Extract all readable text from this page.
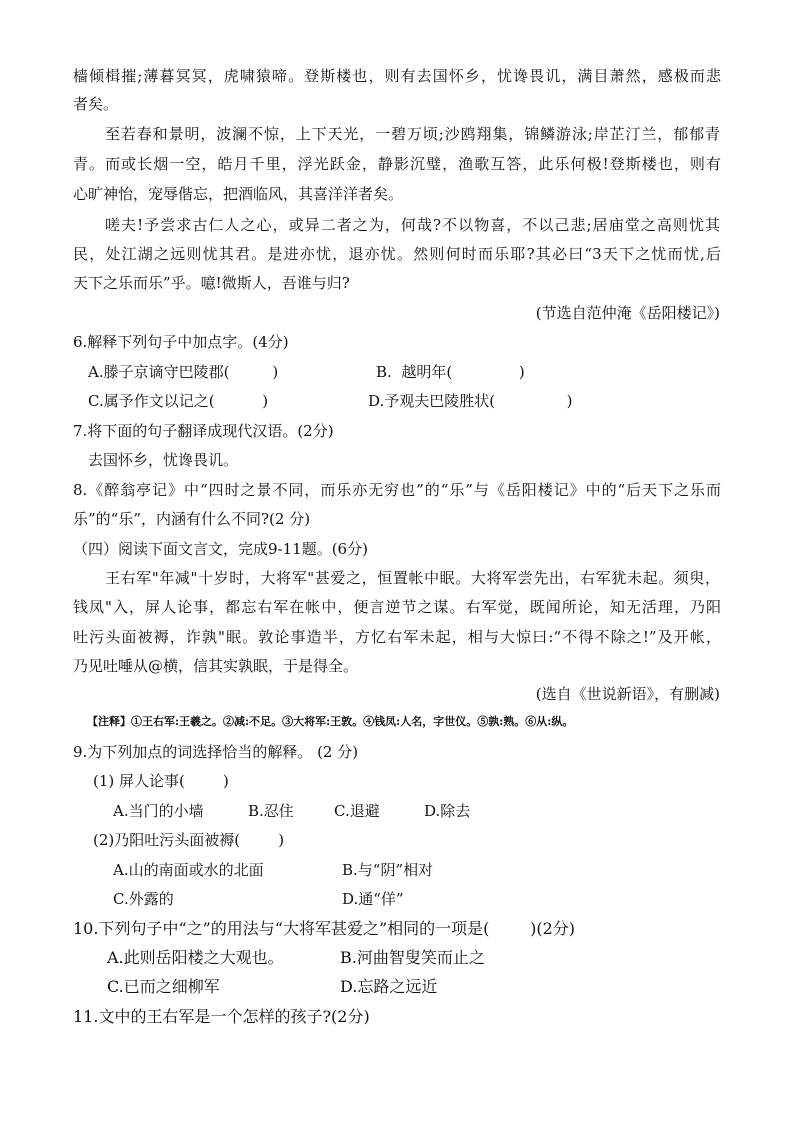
樯倾楫摧;薄暮冥冥，虎啸猿啼。登斯楼也，则有去国怀乡，忧谗畏讥，满目萧然，感极而悲
者矣。
至若春和景明，波澜不惊，上下天光，一碧万顷;沙鸥翔集，锦鳞游泳;岸芷汀兰，郁郁青
青。而或长烟一空，皓月千里，浮光跃金，静影沉璧，渔歌互答，此乐何极!登斯楼也，则有
心旷神怡，宠辱偕忘，把酒临风，其喜洋洋者矣。
嗟夫!予尝求古仁人之心，或异二者之为，何哉?不以物喜，不以己悲;居庙堂之高则忧其
民，处江湖之远则忧其君。是进亦忧，退亦忧。然则何时而乐耶?其必曰“3天下之忧而忧,后
天下之乐而乐”乎。噫!微斯人，吾谁与归?
(节选自范仲淹《岳阳楼记》)
6.解释下列句子中加点字。(4分)
A.滕子京谪守巴陵郡(         )	B.  越明年(              )
C.属予作文以记之(          )	D.予观夫巴陵胜状(               )
7.将下面的句子翻译成现代汉语。(2分)
去国怀乡，忧谗畏讥。
8.《醉翁亭记》中“四时之景不同，而乐亦无穷也”的“乐”与《岳阳楼记》中的“后天下之乐而
乐”的“乐”，内涵有什么不同?(2 分)
（四）阅读下面文言文，完成9-11题。(6分)
王右军"年减"十岁时，大将军"甚爱之，恒置帐中眠。大将军尝先出，右军犹未起。须臾，
钱凤"入，屏人论事，都忘右军在帐中，便言逆节之谋。右军觉，既闻所论，知无活理，乃阳
吐污头面被褥，诈孰"眠。敦论事造半，方忆右军未起，相与大惊曰:“不得不除之!”及开帐，
乃见吐唾从@横，信其实孰眠，于是得全。
(选自《世说新语》，有删减)
【注释】①王右军:王羲之。②减:不足。③大将军:王敦。④钱凤:人名，字世仪。⑤孰:熟。⑥从:纵。
9.为下列加点的词选择恰当的解释。 (2 分)
(1) 屏人论事(        )
A.当门的小墙	B.忍住	C.退避	D.除去
(2)乃阳吐污头面被褥(        )
A.山的南面或水的北面	B.与“阴”相对
C.外露的	D.通“佯”
10.下列句子中“之”的用法与“大将军甚爱之”相同的一项是(        )(2分)
A.此则岳阳楼之大观也。	B.河曲智叟笑而止之
C.已而之细柳军	D.忘路之远近
11.文中的王右军是一个怎样的孩子?(2分)
